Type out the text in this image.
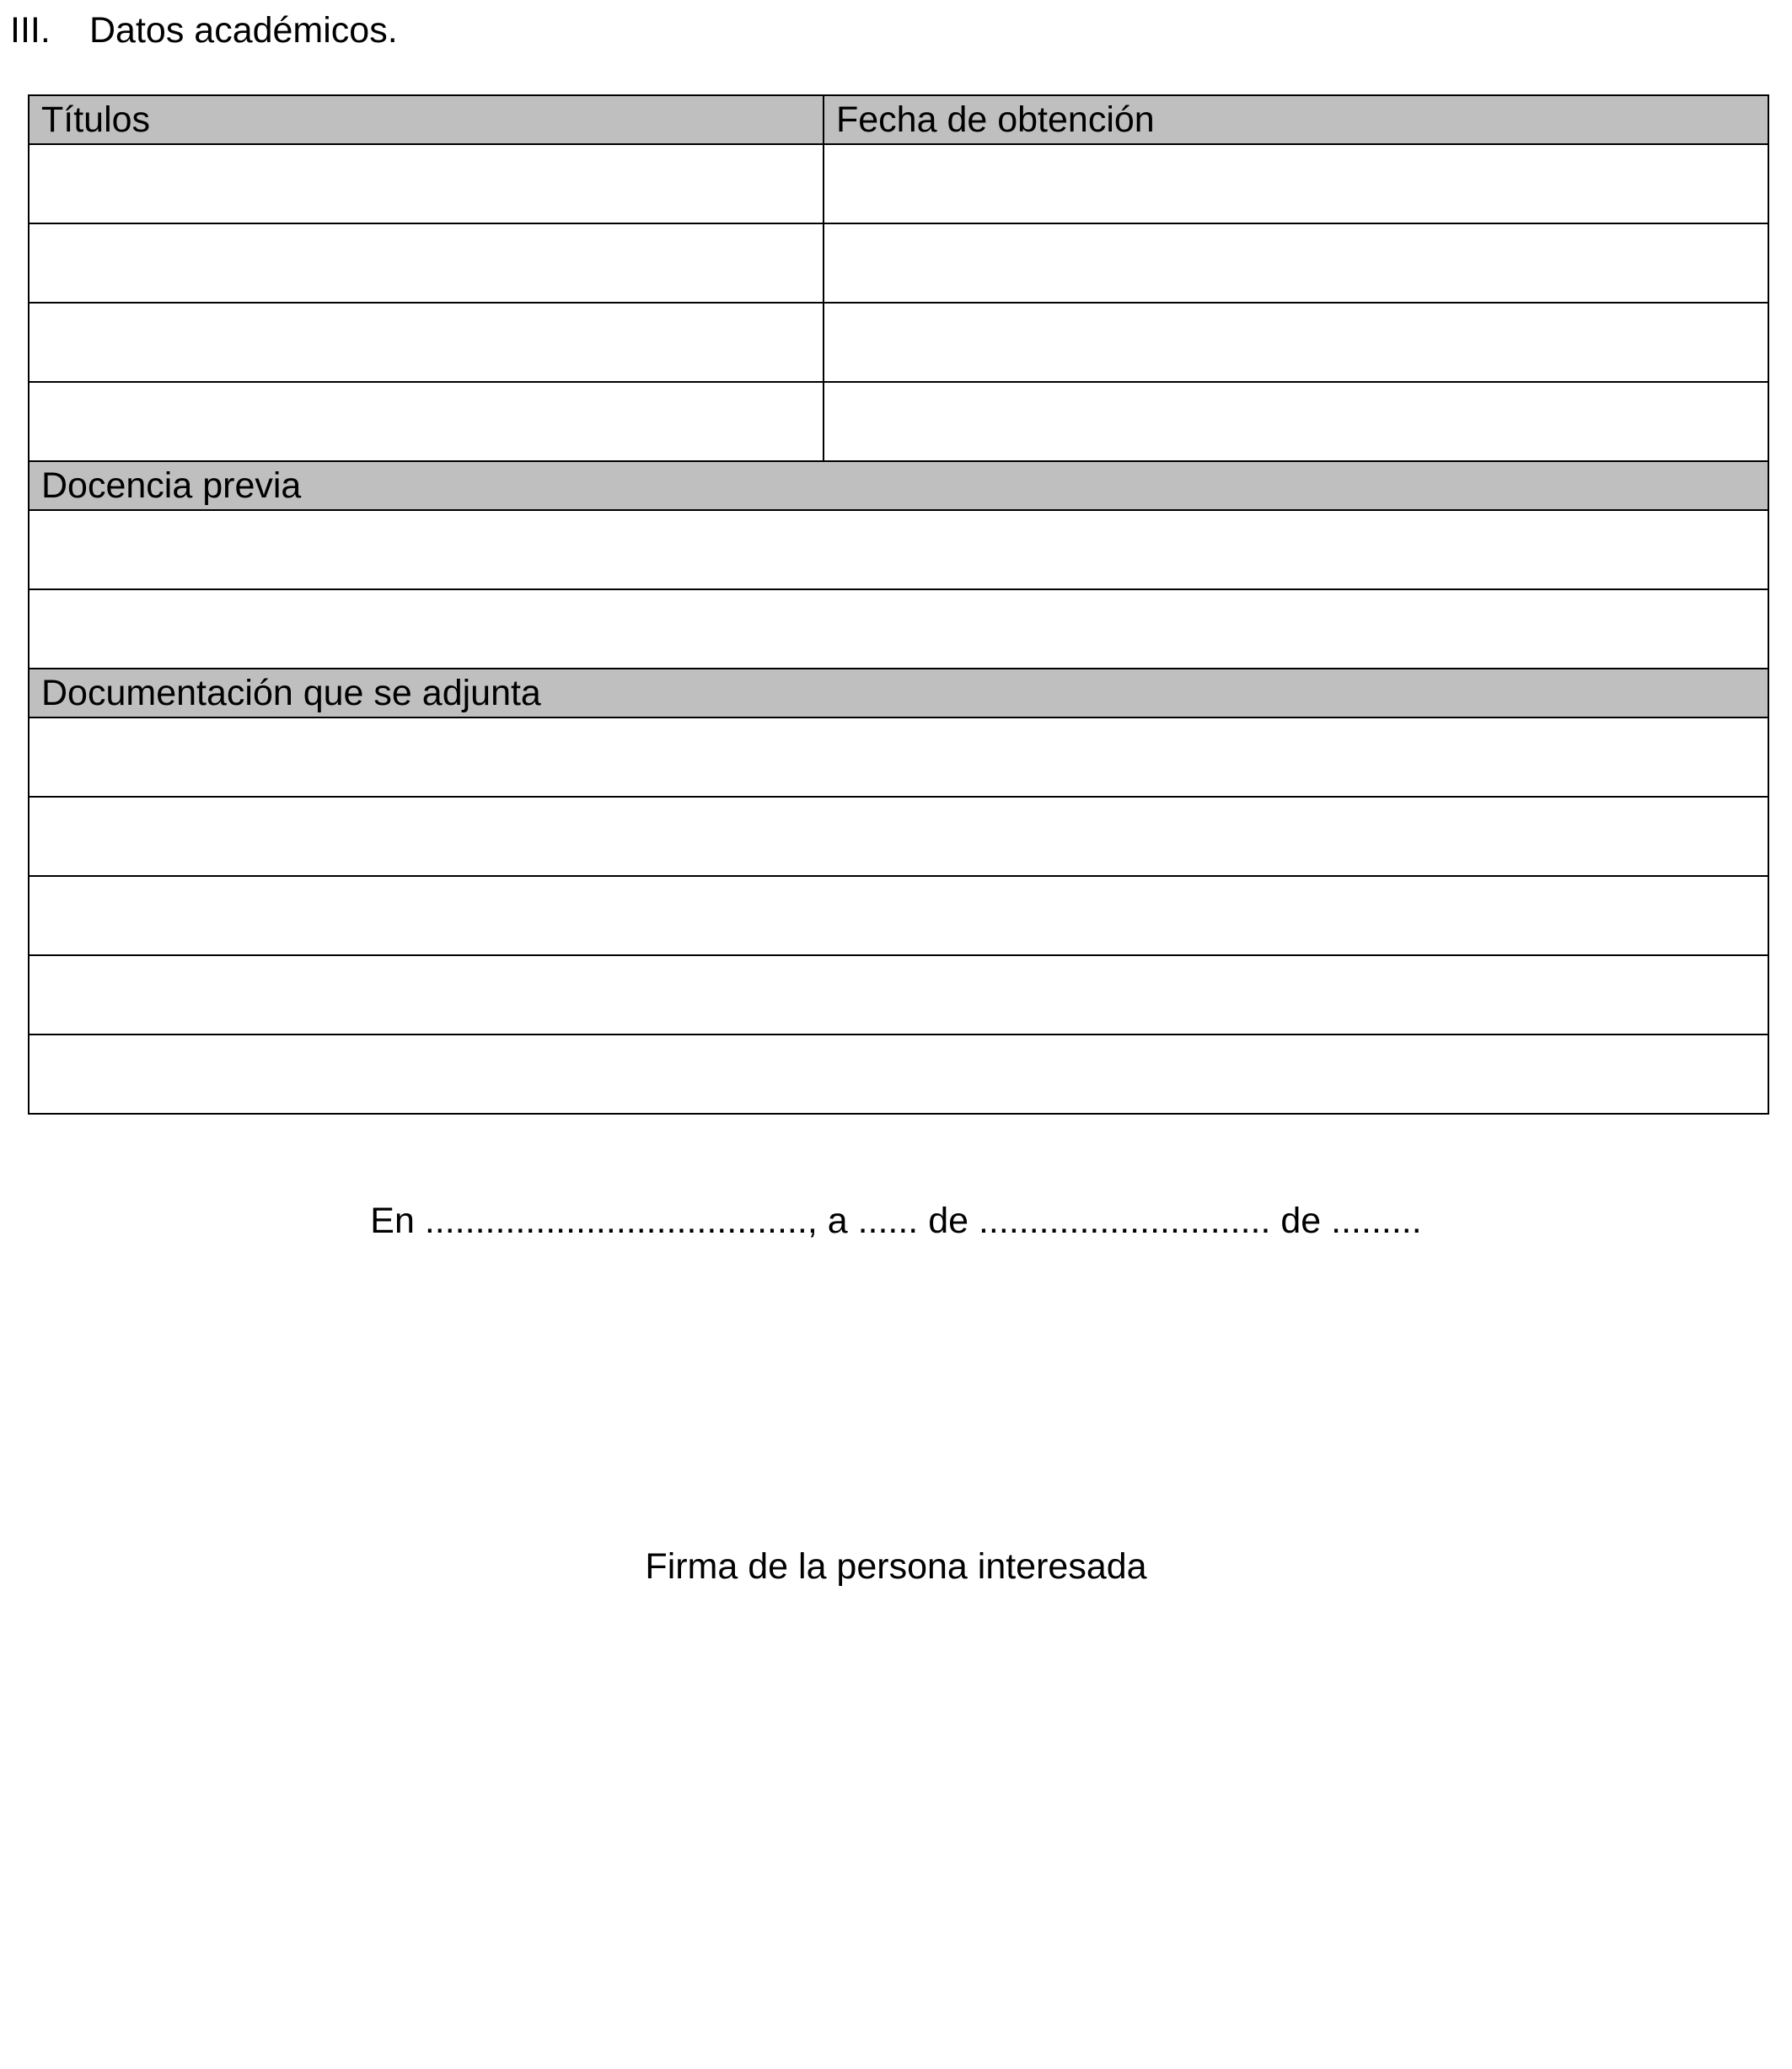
III. Datos académicos.
Títulos	Fecha de obtención

Docencia previa	

Documentación que se adjunta	

En ......................................, a ...... de ............................. de .........
Firma de la persona interesada
